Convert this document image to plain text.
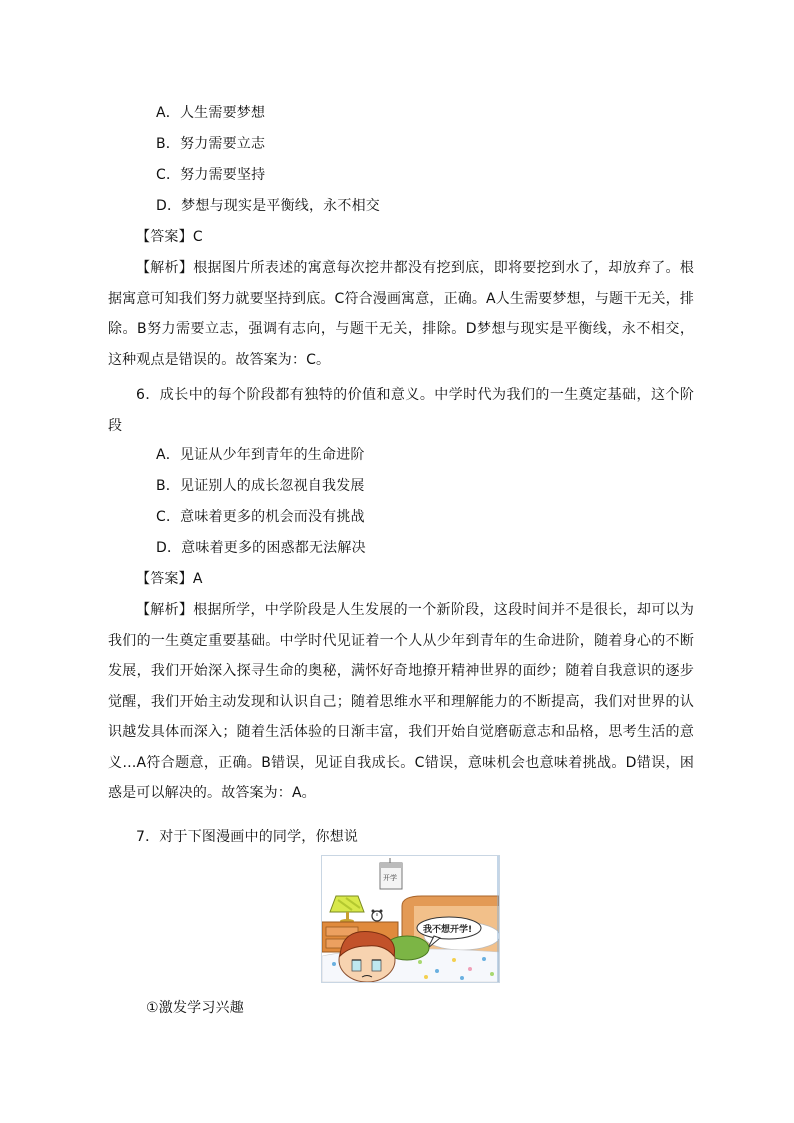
A．人生需要梦想
B．努力需要立志
C．努力需要坚持
D．梦想与现实是平衡线，永不相交
【答案】C
【解析】根据图片所表述的寓意每次挖井都没有挖到底，即将要挖到水了，却放弃了。根据寓意可知我们努力就要坚持到底。C符合漫画寓意，正确。A人生需要梦想，与题干无关，排除。B努力需要立志，强调有志向，与题干无关，排除。D梦想与现实是平衡线，永不相交，这种观点是错误的。故答案为：C。
6．成长中的每个阶段都有独特的价值和意义。中学时代为我们的一生奠定基础，这个阶段
A．见证从少年到青年的生命进阶
B．见证别人的成长忽视自我发展
C．意味着更多的机会而没有挑战
D．意味着更多的困惑都无法解决
【答案】A
【解析】根据所学，中学阶段是人生发展的一个新阶段，这段时间并不是很长，却可以为我们的一生奠定重要基础。中学时代见证着一个人从少年到青年的生命进阶，随着身心的不断发展，我们开始深入探寻生命的奥秘，满怀好奇地撩开精神世界的面纱；随着自我意识的逐步觉醒，我们开始主动发现和认识自己；随着思维水平和理解能力的不断提高，我们对世界的认识越发具体而深入；随着生活体验的日渐丰富，我们开始自觉磨砺意志和品格，思考生活的意义…A符合题意，正确。B错误，见证自我成长。C错误，意味机会也意味着挑战。D错误，困惑是可以解决的。故答案为：A。
7．对于下图漫画中的同学，你想说
开学
我不想开学!
①激发学习兴趣
